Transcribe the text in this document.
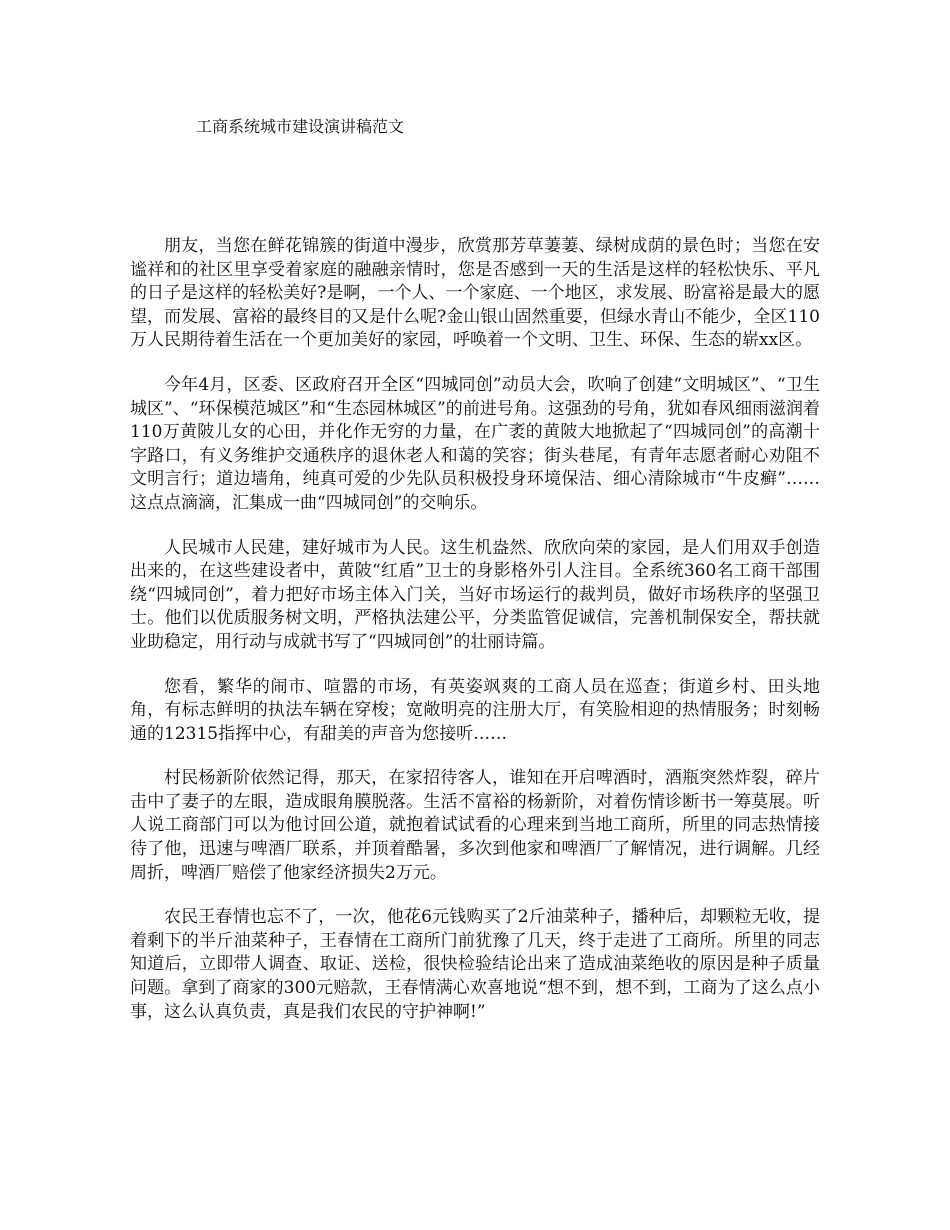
工商系统城市建设演讲稿范文

朋友，当您在鲜花锦簇的街道中漫步，欣赏那芳草萋萋、绿树成荫的景色时；当您在安谧祥和的社区里享受着家庭的融融亲情时，您是否感到一天的生活是这样的轻松快乐、平凡的日子是这样的轻松美好?是啊，一个人、一个家庭、一个地区，求发展、盼富裕是最大的愿望，而发展、富裕的最终目的又是什么呢?金山银山固然重要，但绿水青山不能少，全区110万人民期待着生活在一个更加美好的家园，呼唤着一个文明、卫生、环保、生态的崭xx区。

今年4月，区委、区政府召开全区“四城同创”动员大会，吹响了创建“文明城区”、“卫生城区”、“环保模范城区”和“生态园林城区”的前进号角。这强劲的号角，犹如春风细雨滋润着110万黄陂儿女的心田，并化作无穷的力量，在广袤的黄陂大地掀起了“四城同创”的高潮十字路口，有义务维护交通秩序的退休老人和蔼的笑容；街头巷尾，有青年志愿者耐心劝阻不文明言行；道边墙角，纯真可爱的少先队员积极投身环境保洁、细心清除城市“牛皮癣”……这点点滴滴，汇集成一曲“四城同创”的交响乐。

人民城市人民建，建好城市为人民。这生机盎然、欣欣向荣的家园，是人们用双手创造出来的，在这些建设者中，黄陂“红盾”卫士的身影格外引人注目。全系统360名工商干部围绕“四城同创”，着力把好市场主体入门关，当好市场运行的裁判员，做好市场秩序的坚强卫士。他们以优质服务树文明，严格执法建公平，分类监管促诚信，完善机制保安全，帮扶就业助稳定，用行动与成就书写了“四城同创”的壮丽诗篇。

您看，繁华的闹市、喧嚣的市场，有英姿飒爽的工商人员在巡查；街道乡村、田头地角，有标志鲜明的执法车辆在穿梭；宽敞明亮的注册大厅，有笑脸相迎的热情服务；时刻畅通的12315指挥中心，有甜美的声音为您接听……

村民杨新阶依然记得，那天，在家招待客人，谁知在开启啤酒时，酒瓶突然炸裂，碎片击中了妻子的左眼，造成眼角膜脱落。生活不富裕的杨新阶，对着伤情诊断书一筹莫展。听人说工商部门可以为他讨回公道，就抱着试试看的心理来到当地工商所，所里的同志热情接待了他，迅速与啤酒厂联系，并顶着酷暑，多次到他家和啤酒厂了解情况，进行调解。几经周折，啤酒厂赔偿了他家经济损失2万元。

农民王春情也忘不了，一次，他花6元钱购买了2斤油菜种子，播种后，却颗粒无收，提着剩下的半斤油菜种子，王春情在工商所门前犹豫了几天，终于走进了工商所。所里的同志知道后，立即带人调查、取证、送检，很快检验结论出来了造成油菜绝收的原因是种子质量问题。拿到了商家的300元赔款，王春情满心欢喜地说“想不到，想不到，工商为了这么点小事，这么认真负责，真是我们农民的守护神啊!”
